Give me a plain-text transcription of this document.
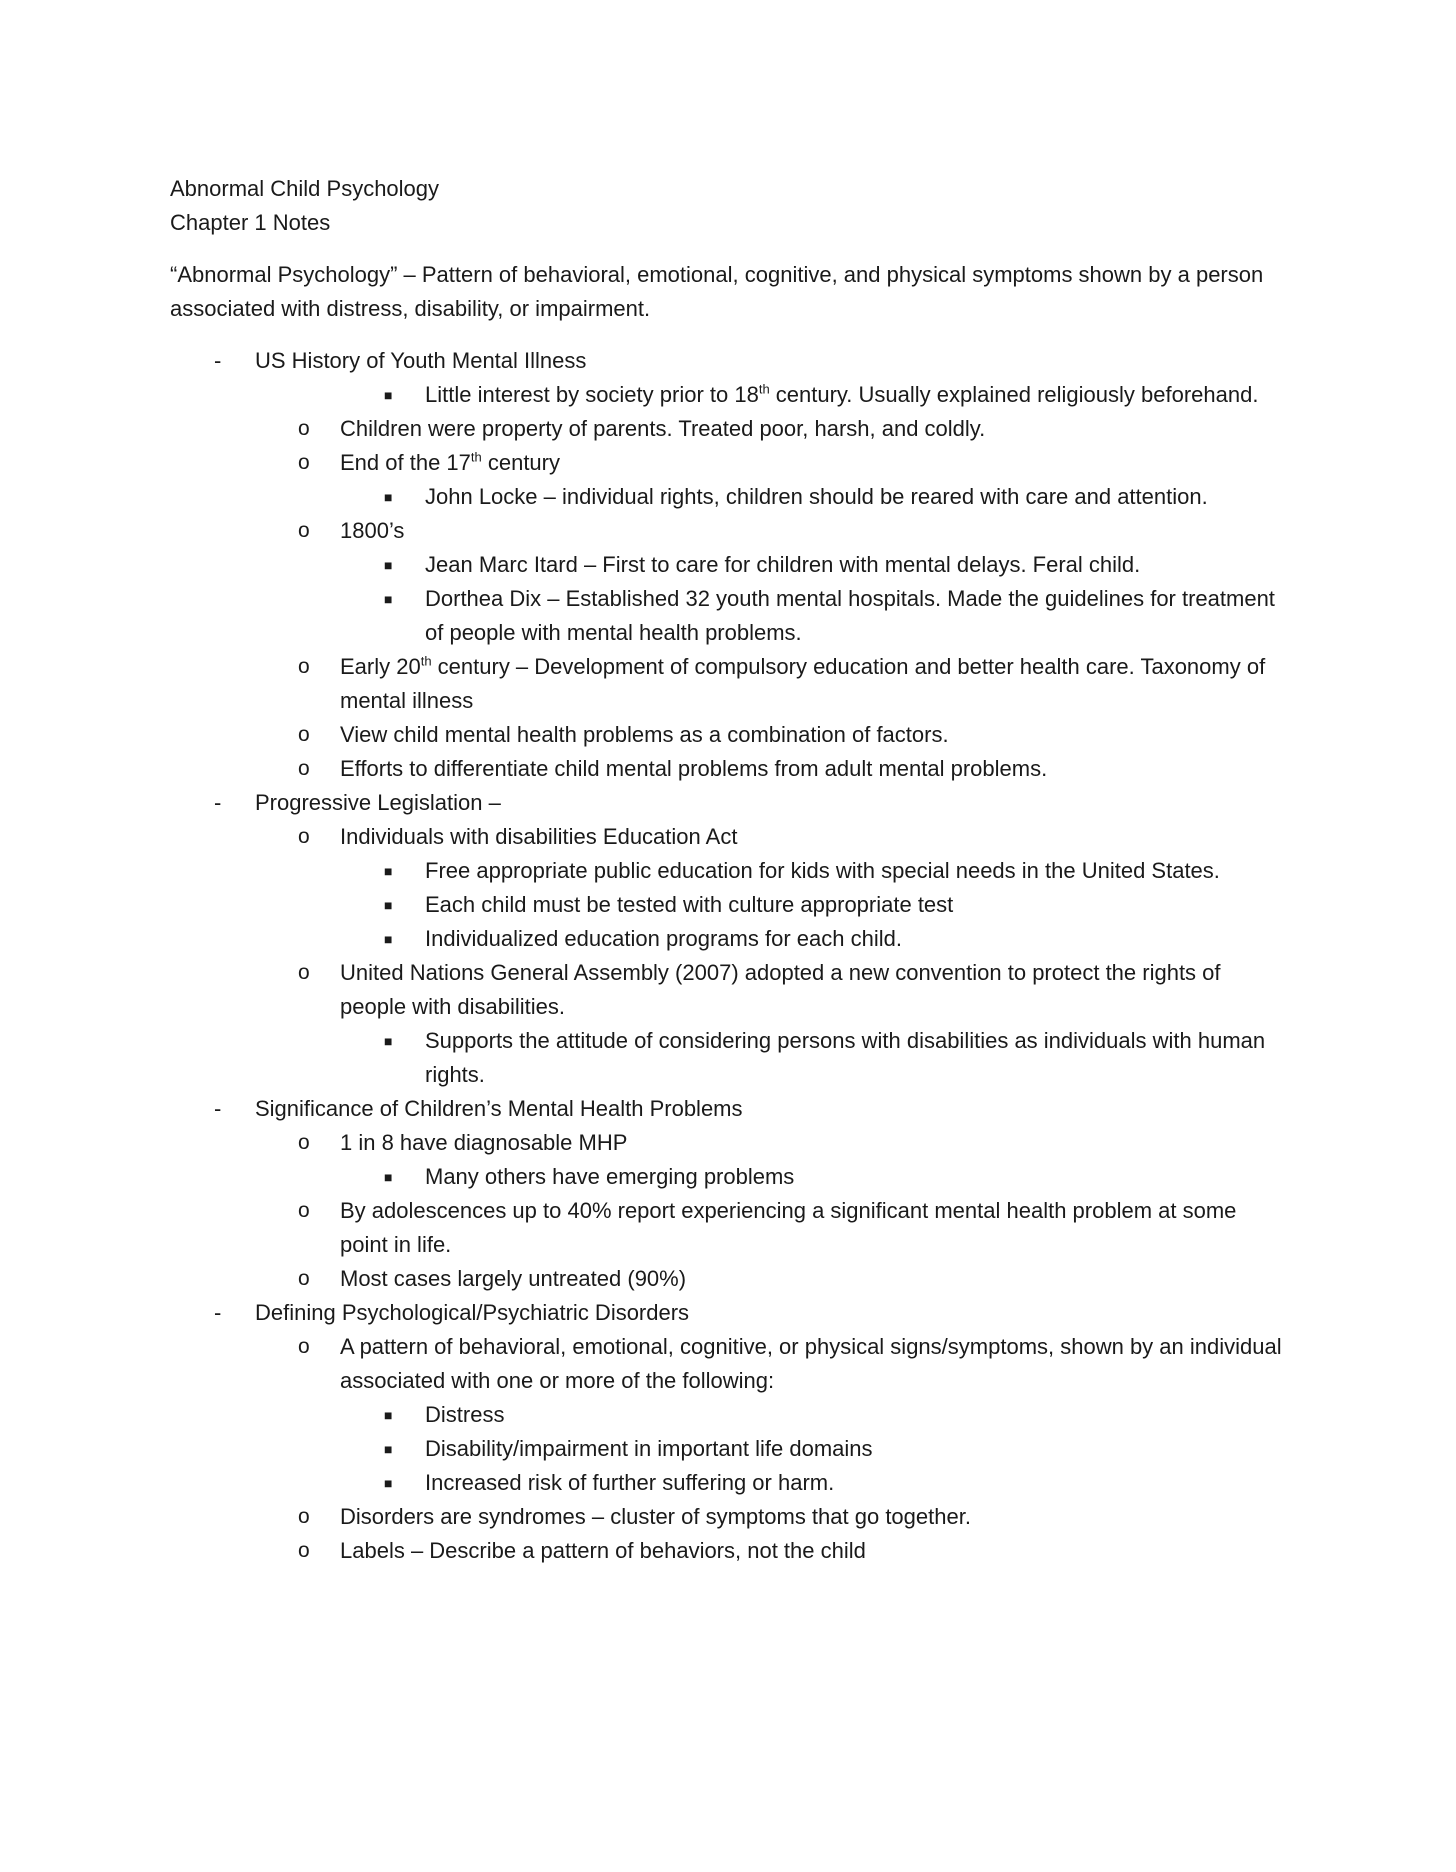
Abnormal Child Psychology
Chapter 1 Notes
“Abnormal Psychology” – Pattern of behavioral, emotional, cognitive, and physical symptoms shown by a person associated with distress, disability, or impairment.
- US History of Youth Mental Illness
■ Little interest by society prior to 18th century. Usually explained religiously beforehand.
o Children were property of parents. Treated poor, harsh, and coldly.
o End of the 17th century
■ John Locke – individual rights, children should be reared with care and attention.
o 1800’s
■ Jean Marc Itard – First to care for children with mental delays. Feral child.
■ Dorthea Dix – Established 32 youth mental hospitals. Made the guidelines for treatment of people with mental health problems.
o Early 20th century – Development of compulsory education and better health care. Taxonomy of mental illness
o View child mental health problems as a combination of factors.
o Efforts to differentiate child mental problems from adult mental problems.
- Progressive Legislation –
o Individuals with disabilities Education Act
■ Free appropriate public education for kids with special needs in the United States.
■ Each child must be tested with culture appropriate test
■ Individualized education programs for each child.
o United Nations General Assembly (2007) adopted a new convention to protect the rights of people with disabilities.
■ Supports the attitude of considering persons with disabilities as individuals with human rights.
- Significance of Children’s Mental Health Problems
o 1 in 8 have diagnosable MHP
■ Many others have emerging problems
o By adolescences up to 40% report experiencing a significant mental health problem at some point in life.
o Most cases largely untreated (90%)
- Defining Psychological/Psychiatric Disorders
o A pattern of behavioral, emotional, cognitive, or physical signs/symptoms, shown by an individual associated with one or more of the following:
■ Distress
■ Disability/impairment in important life domains
■ Increased risk of further suffering or harm.
o Disorders are syndromes – cluster of symptoms that go together.
o Labels – Describe a pattern of behaviors, not the child
